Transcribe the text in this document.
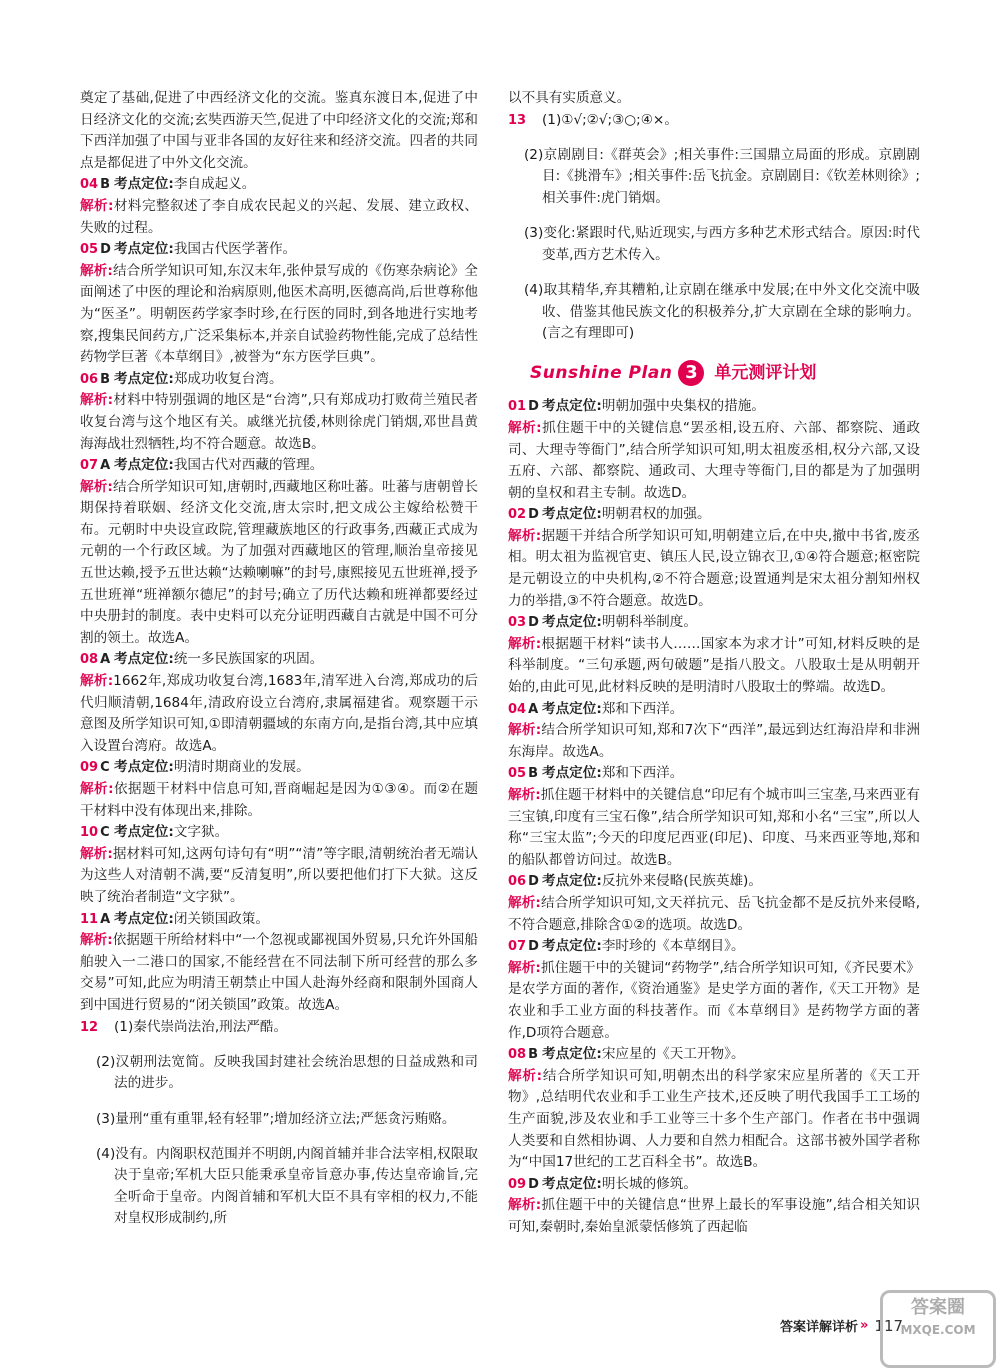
奠定了基础,促进了中西经济文化的交流。鉴真东渡日本,促进了中日经济文化的交流;玄奘西游天竺,促进了中印经济文化的交流;郑和下西洋加强了中国与亚非各国的友好往来和经济交流。四者的共同点是都促进了中外文化交流。

04 B 考点定位:李自成起义。

解析:材料完整叙述了李自成农民起义的兴起、发展、建立政权、失败的过程。

05 D 考点定位:我国古代医学著作。

解析:结合所学知识可知,东汉末年,张仲景写成的《伤寒杂病论》全面阐述了中医的理论和治病原则,他医术高明,医德高尚,后世尊称他为“医圣”。明朝医药学家李时珍,在行医的同时,到各地进行实地考察,搜集民间药方,广泛采集标本,并亲自试验药物性能,完成了总结性药物学巨著《本草纲目》,被誉为“东方医学巨典”。

06 B 考点定位:郑成功收复台湾。

解析:材料中特别强调的地区是“台湾”,只有郑成功打败荷兰殖民者收复台湾与这个地区有关。戚继光抗倭,林则徐虎门销烟,邓世昌黄海海战壮烈牺牲,均不符合题意。故选B。

07 A 考点定位:我国古代对西藏的管理。

解析:结合所学知识可知,唐朝时,西藏地区称吐蕃。吐蕃与唐朝曾长期保持着联姻、经济文化交流,唐太宗时,把文成公主嫁给松赞干布。元朝时中央设宣政院,管理藏族地区的行政事务,西藏正式成为元朝的一个行政区域。为了加强对西藏地区的管理,顺治皇帝接见五世达赖,授予五世达赖“达赖喇嘛”的封号,康熙接见五世班禅,授予五世班禅“班禅额尔德尼”的封号;确立了历代达赖和班禅都要经过中央册封的制度。表中史料可以充分证明西藏自古就是中国不可分割的领土。故选A。

08 A 考点定位:统一多民族国家的巩固。

解析:1662年,郑成功收复台湾,1683年,清军进入台湾,郑成功的后代归顺清朝,1684年,清政府设立台湾府,隶属福建省。观察题干示意图及所学知识可知,①即清朝疆域的东南方向,是指台湾,其中应填入设置台湾府。故选A。

09 C 考点定位:明清时期商业的发展。

解析:依据题干材料中信息可知,晋商崛起是因为①③④。而②在题干材料中没有体现出来,排除。

10 C 考点定位:文字狱。

解析:据材料可知,这两句诗句有“明”“清”等字眼,清朝统治者无端认为这些人对清朝不满,要“反清复明”,所以要把他们打下大狱。这反映了统治者制造“文字狱”。

11 A 考点定位:闭关锁国政策。

解析:依据题干所给材料中“一个忽视或鄙视国外贸易,只允许外国船舶驶入一二港口的国家,不能经营在不同法制下所可经营的那么多交易”可知,此应为明清王朝禁止中国人赴海外经商和限制外国商人到中国进行贸易的“闭关锁国”政策。故选A。

12	(1)秦代崇尚法治,刑法严酷。

(2)汉朝刑法宽简。反映我国封建社会统治思想的日益成熟和司法的进步。

(3)量刑“重有重罪,轻有轻罪”;增加经济立法;严惩贪污贿赂。

(4)没有。内阁职权范围并不明朗,内阁首辅并非合法宰相,权限取决于皇帝;军机大臣只能秉承皇帝旨意办事,传达皇帝谕旨,完全听命于皇帝。内阁首辅和军机大臣不具有宰相的权力,不能对皇权形成制约,所

以不具有实质意义。

13	(1)①√;②√;③○;④×。

(2)京剧剧目:《群英会》;相关事件:三国鼎立局面的形成。京剧剧目:《挑滑车》;相关事件:岳飞抗金。京剧剧目:《钦差林则徐》;相关事件:虎门销烟。

(3)变化:紧跟时代,贴近现实,与西方多种艺术形式结合。原因:时代变革,西方艺术传入。

(4)取其精华,弃其糟粕,让京剧在继承中发展;在中外文化交流中吸收、借鉴其他民族文化的积极养分,扩大京剧在全球的影响力。(言之有理即可)

Sunshine Plan 3 单元测评计划
01 D 考点定位:明朝加强中央集权的措施。

解析:抓住题干中的关键信息“罢丞相,设五府、六部、都察院、通政司、大理寺等衙门”,结合所学知识可知,明太祖废丞相,权分六部,又设五府、六部、都察院、通政司、大理寺等衙门,目的都是为了加强明朝的皇权和君主专制。故选D。

02 D 考点定位:明朝君权的加强。

解析:据题干并结合所学知识可知,明朝建立后,在中央,撤中书省,废丞相。明太祖为监视官吏、镇压人民,设立锦衣卫,①④符合题意;枢密院是元朝设立的中央机构,②不符合题意;设置通判是宋太祖分割知州权力的举措,③不符合题意。故选D。

03 D 考点定位:明朝科举制度。

解析:根据题干材料“读书人……国家本为求才计”可知,材料反映的是科举制度。“三句承题,两句破题”是指八股文。八股取士是从明朝开始的,由此可见,此材料反映的是明清时八股取士的弊端。故选D。

04 A 考点定位:郑和下西洋。

解析:结合所学知识可知,郑和7次下“西洋”,最远到达红海沿岸和非洲东海岸。故选A。

05 B 考点定位:郑和下西洋。

解析:抓住题干材料中的关键信息“印尼有个城市叫三宝垄,马来西亚有三宝镇,印度有三宝石像”,结合所学知识可知,郑和小名“三宝”,所以人称“三宝太监”;今天的印度尼西亚(印尼)、印度、马来西亚等地,郑和的船队都曾访问过。故选B。

06 D 考点定位:反抗外来侵略(民族英雄)。

解析:结合所学知识可知,文天祥抗元、岳飞抗金都不是反抗外来侵略,不符合题意,排除含①②的选项。故选D。

07 D 考点定位:李时珍的《本草纲目》。

解析:抓住题干中的关键词“药物学”,结合所学知识可知,《齐民要术》是农学方面的著作,《资治通鉴》是史学方面的著作,《天工开物》是农业和手工业方面的科技著作。而《本草纲目》是药物学方面的著作,D项符合题意。

08 B 考点定位:宋应星的《天工开物》。

解析:结合所学知识可知,明朝杰出的科学家宋应星所著的《天工开物》,总结明代农业和手工业生产技术,还反映了明代我国手工工场的生产面貌,涉及农业和手工业等三十多个生产部门。作者在书中强调人类要和自然相协调、人力要和自然力相配合。这部书被外国学者称为“中国17世纪的工艺百科全书”。故选B。

09 D 考点定位:明长城的修筑。

解析:抓住题干中的关键信息“世界上最长的军事设施”,结合相关知识可知,秦朝时,秦始皇派蒙恬修筑了西起临

答案详解详析 » 117
答案圈
MXQE.COM
